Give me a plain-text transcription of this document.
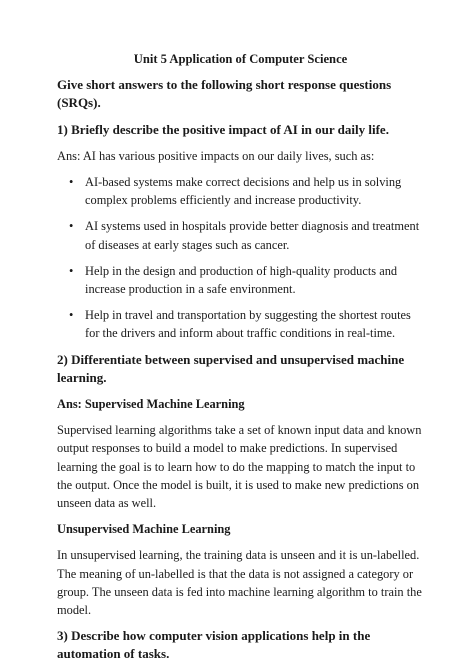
Unit 5 Application of Computer Science
Give short answers to the following short response questions (SRQs).
1) Briefly describe the positive impact of AI in our daily life.
Ans: AI has various positive impacts on our daily lives, such as:
• AI-based systems make correct decisions and help us in solving complex problems efficiently and increase productivity.
• AI systems used in hospitals provide better diagnosis and treatment of diseases at early stages such as cancer.
• Help in the design and production of high-quality products and increase production in a safe environment.
• Help in travel and transportation by suggesting the shortest routes for the drivers and inform about traffic conditions in real-time.
2) Differentiate between supervised and unsupervised machine learning.
Ans: Supervised Machine Learning
Supervised learning algorithms take a set of known input data and known output responses to build a model to make predictions. In supervised learning the goal is to learn how to do the mapping to match the input to the output. Once the model is built, it is used to make new predictions on unseen data as well.
Unsupervised Machine Learning
In unsupervised learning, the training data is unseen and it is un-labelled. The meaning of un-labelled is that the data is not assigned a category or group. The unseen data is fed into machine learning algorithm to train the model.
3) Describe how computer vision applications help in the automation of tasks.
